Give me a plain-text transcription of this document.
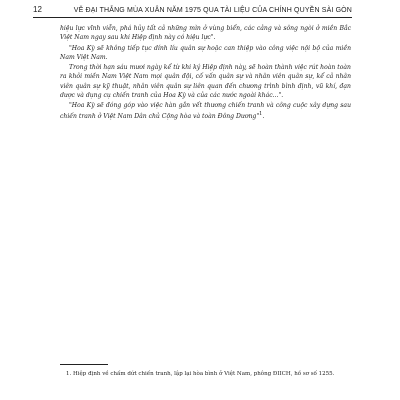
12	VĔ ĐẠI THẮNG MÙA XUÂN NĂM 1975 QUA TÀI LIỆU CỦA CHÍNH QUYỀN SÀI GÒN

hiệu lực vĩnh viễn, phá hủy tất cả những mìn ở vùng biển, các cảng và sông ngòi ở miền Bắc Việt Nam ngay sau khi Hiệp định này có hiệu lực".

"Hoa Kỳ sẽ không tiếp tục dính líu quân sự hoặc can thiệp vào công việc nội bộ của miền Nam Việt Nam.

Trong thời hạn sáu mươi ngày kể từ khi ký Hiệp định này, sẽ hoàn thành việc rút hoàn toàn ra khỏi miền Nam Việt Nam mọi quân đội, cố vấn quân sự và nhân viên quân sự, kể cả nhân viên quân sự kỹ thuật, nhân viên quân sự liên quan đến chương trình bình định, vũ khí, đạn dược và dụng cụ chiến tranh của Hoa Kỳ và của các nước ngoài khác...".

"Hoa Kỳ sẽ đóng góp vào việc hàn gắn vết thương chiến tranh và công cuộc xây dựng sau chiến tranh ở Việt Nam Dân chủ Cộng hòa và toàn Đông Dương"$^1$.

1. Hiệp định về chấm dứt chiến tranh, lập lại hòa bình ở Việt Nam, phông ĐIICH, hồ sơ số 1255.
